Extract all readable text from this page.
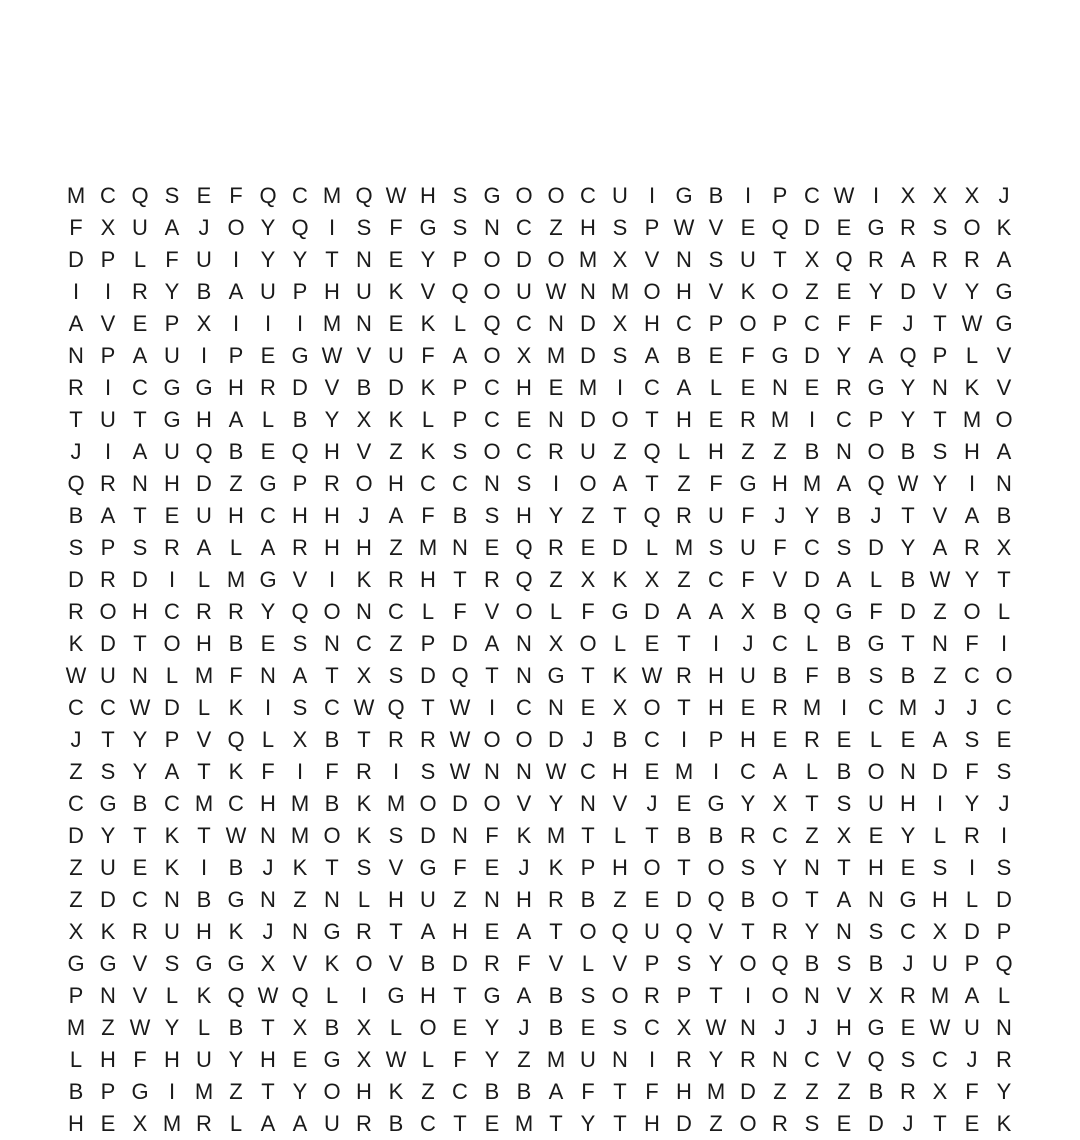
M C Q S E F Q C M Q W H S G O O C U I G B I P C W I X X X J
F X U A J O Y Q I S F G S N C Z H S P W V E Q D E G R S O K
D P L F U I Y Y T N E Y P O D O M X V N S U T X Q R A R R A
I	I R Y B A U P H U K V Q O U W N M O H V K O Z E Y D V Y G
A V E P X I	I	I M N E K L Q C N D X H C P O P C F F J T W G
N P A U I P E G W V U F A O X M D S A B E F G D Y A Q P L V
R I C G G H R D V B D K P C H E M I C A L E N E R G Y N K V
T U T G H A L B Y X K L P C E N D O T H E R M I C P Y T M O
J	I A U Q B E Q H V Z K S O C R U Z Q L H Z Z B N O B S H A
Q R N H D Z G P R O H C C N S I O A T Z F G H M A Q W Y I N
B A T E U H C H H J A F B S H Y Z T Q R U F J Y B J T V A B
S P S R A L A R H H Z M N E Q R E D L M S U F C S D Y A R X
D R D I	L M G V I K R H T R Q Z X K X Z C F V D A L B W Y T
R O H C R R Y Q O N C L F V O L F G D A A X B Q G F D Z O L
K D T O H B E S N C Z P D A N X O L E T	I	J C L B G T N F	I
W U N L M F N A T X S D Q T N G T K W R H U B F B S B Z C O
C C W D L K I S C W Q T W I C N E X O T H E R M I C M J J C
J T Y P V Q L X B T R R W O O D J B C I P H E R E L E A S E
Z S Y A T K F	I	F R I S W N N W C H E M I C A L B O N D F S
C G B C M C H M B K M O D O V Y N V J E G Y X T S U H I Y J
D Y T K T W N M O K S D N F K M T L T B B R C Z X E Y L R I
Z U E K I B J K T S V G F E J K P H O T O S Y N T H E S I S
Z D C N B G N Z N L H U Z N H R B Z E D Q B O T A N G H L D
X K R U H K J N G R T A H E A T O Q U Q V T R Y N S C X D P
G G V S G G X V K O V B D R F V L V P S Y O Q B S B J U P Q
P N V L K Q W Q L	I G H T G A B S O R P T	I O N V X R M A L
M Z W Y L B T X B X L O E Y J B E S C X W N J J H G E W U N
L H F H U Y H E G X W L F Y Z M U N I R Y R N C V Q S C J R
B P G I M Z T Y O H K Z C B B A F T F H M D Z Z Z B R X F Y
H E X M R L A A U R B C T E M T Y T H D Z O R S E D J T E K
